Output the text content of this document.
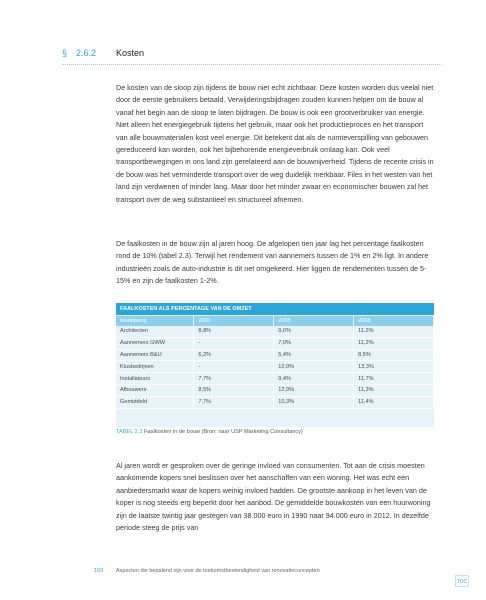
§ 2.6.2 Kosten

De kosten van de sloop zijn tijdens de bouw niet echt zichtbaar. Deze kosten worden dus veelal niet door de eerste gebruikers betaald. Verwijderingsbijdragen zouden kunnen helpen om de bouw al vanaf het begin aan de sloop te laten bijdragen. De bouw is ook een grootverbruiker van energie. Niet alleen het energiegebruik tijdens het gebruik, maar ook het productieproces en het transport van alle bouwmaterialen kost veel energie. Dit betekent dat als de ruimteverspilling van gebouwen gereduceerd kan worden, ook het bijbehorende energieverbruik omlaag kan. Ook veel transportbewegingen in ons land zijn gerelateerd aan de bouwnijverheid. Tijdens de recente crisis in de bouw was het verminderde transport over de weg duidelijk merkbaar. Files in het westen van het land zijn verdwenen of minder lang. Maar door het minder zwaar en economischer bouwen zal het transport over de weg substantieel en structureel afnemen.

De faalkosten in de bouw zijn al jaren hoog. De afgelopen tien jaar lag het percentage faalkosten rond de 10% (tabel 2.3). Terwijl het rendement van aannemers tussen de 1% en 2% ligt. In andere industrieën zoals de auto-industrie is dit net omgekeerd. Hier liggen de rendementen tussen de 5-15% en zijn de faalkosten 1-2%.

FAALKOSTEN ALS PERCENTAGE VAN DE OMZET
Marktpartij	2001	2005	2008
Architecten	8,8%	9,0%	11,2%
Aannemers GWW	-	7,0%	11,2%
Aannemers B&U	6,2%	5,4%	8,5%
Klusbedrijven	-	12,0%	13,3%
Installateurs	7,7%	9,4%	11,7%
Afbouwers	8,5%	12,9%	11,3%
Gemiddeld	7,7%	10,3%	11,4%
TABEL 2.3 Faalkosten in de bouw (Bron: naar USP Marketing Consultancy)

Al jaren wordt er gesproken over de geringe invloed van consumenten. Tot aan de crisis moesten aankomende kopers snel beslissen over het aanschaffen van een woning. Het was echt een aanbiedersmarkt waar de kopers weinig invloed hadden. De grootste aankoop in het leven van de koper is nog steeds erg beperkt door het aanbod. De gemiddelde bouwkosten van een huurwoning zijn de laatste twintig jaar gestegen van 38.000 euro in 1990 naar 94.000 euro in 2012. In dezelfde periode steeg de prijs van

103 Aspecten die bepalend zijn voor de toekomstbestendigheid van renovatieconcepten
TOC
